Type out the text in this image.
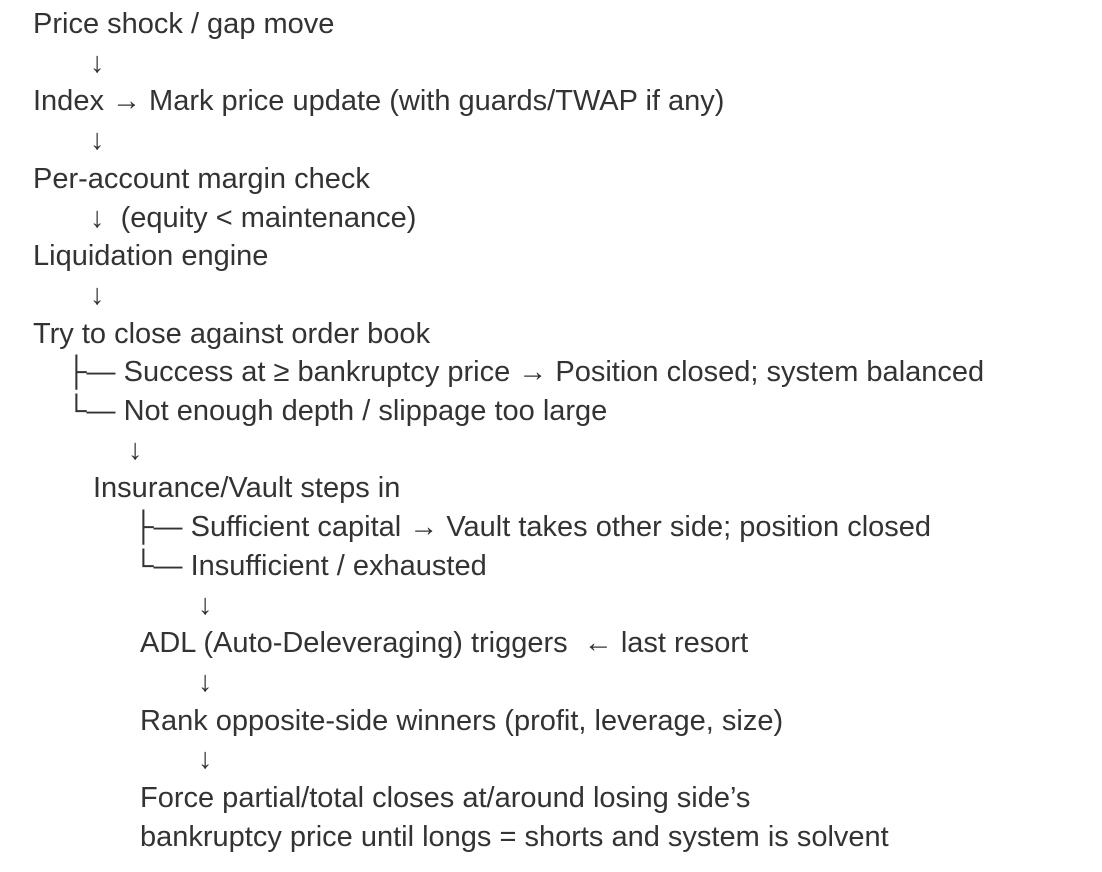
Price shock / gap move
↓
Index → Mark price update (with guards/TWAP if any)
↓
Per-account margin check
↓  (equity < maintenance)
Liquidation engine
↓
Try to close against order book
├— Success at ≥ bankruptcy price → Position closed; system balanced
└— Not enough depth / slippage too large
↓
Insurance/Vault steps in
├— Sufficient capital → Vault takes other side; position closed
└— Insufficient / exhausted
↓
ADL (Auto-Deleveraging) triggers  ← last resort
↓
Rank opposite-side winners (profit, leverage, size)
↓
Force partial/total closes at/around losing side’s
bankruptcy price until longs = shorts and system is solvent
